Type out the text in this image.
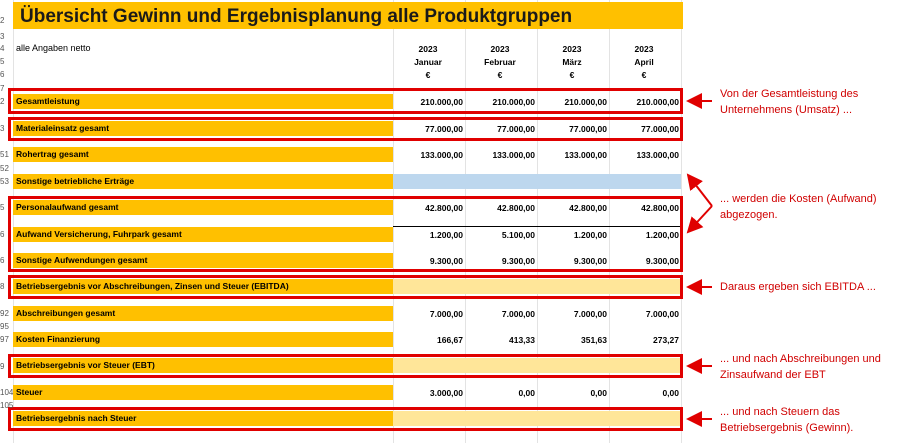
Übersicht Gewinn und Ergebnisplanung alle Produktgruppen
alle Angaben netto	2023	2023	2023	2023
Januar	Februar	März	April
€	€	€	€
Gesamtleistung	210.000,00	210.000,00	210.000,00	210.000,00
Materialeinsatz gesamt	77.000,00	77.000,00	77.000,00	77.000,00
Rohertrag gesamt	133.000,00	133.000,00	133.000,00	133.000,00
Sonstige betriebliche Erträge
Personalaufwand gesamt	42.800,00	42.800,00	42.800,00	42.800,00
Aufwand Versicherung, Fuhrpark gesamt	1.200,00	5.100,00	1.200,00	1.200,00
Sonstige Aufwendungen gesamt	9.300,00	9.300,00	9.300,00	9.300,00
Betriebsergebnis vor Abschreibungen, Zinsen und Steuer (EBITDA)
Abschreibungen gesamt	7.000,00	7.000,00	7.000,00	7.000,00
Kosten Finanzierung	166,67	413,33	351,63	273,27
Betriebsergebnis vor Steuer (EBT)
Steuer	3.000,00	0,00	0,00	0,00
Betriebsergebnis nach Steuer
2
3
4
5
6
7
2
3
51
52
53
5
6
6
8
92
95
97
9
104
105
Von der Gesamtleistung des
Unternehmens (Umsatz) ...
... werden die Kosten (Aufwand)
abgezogen.
Daraus ergeben sich EBITDA ...
... und nach Abschreibungen und
Zinsaufwand der EBT
... und nach Steuern das
Betriebsergebnis (Gewinn).
